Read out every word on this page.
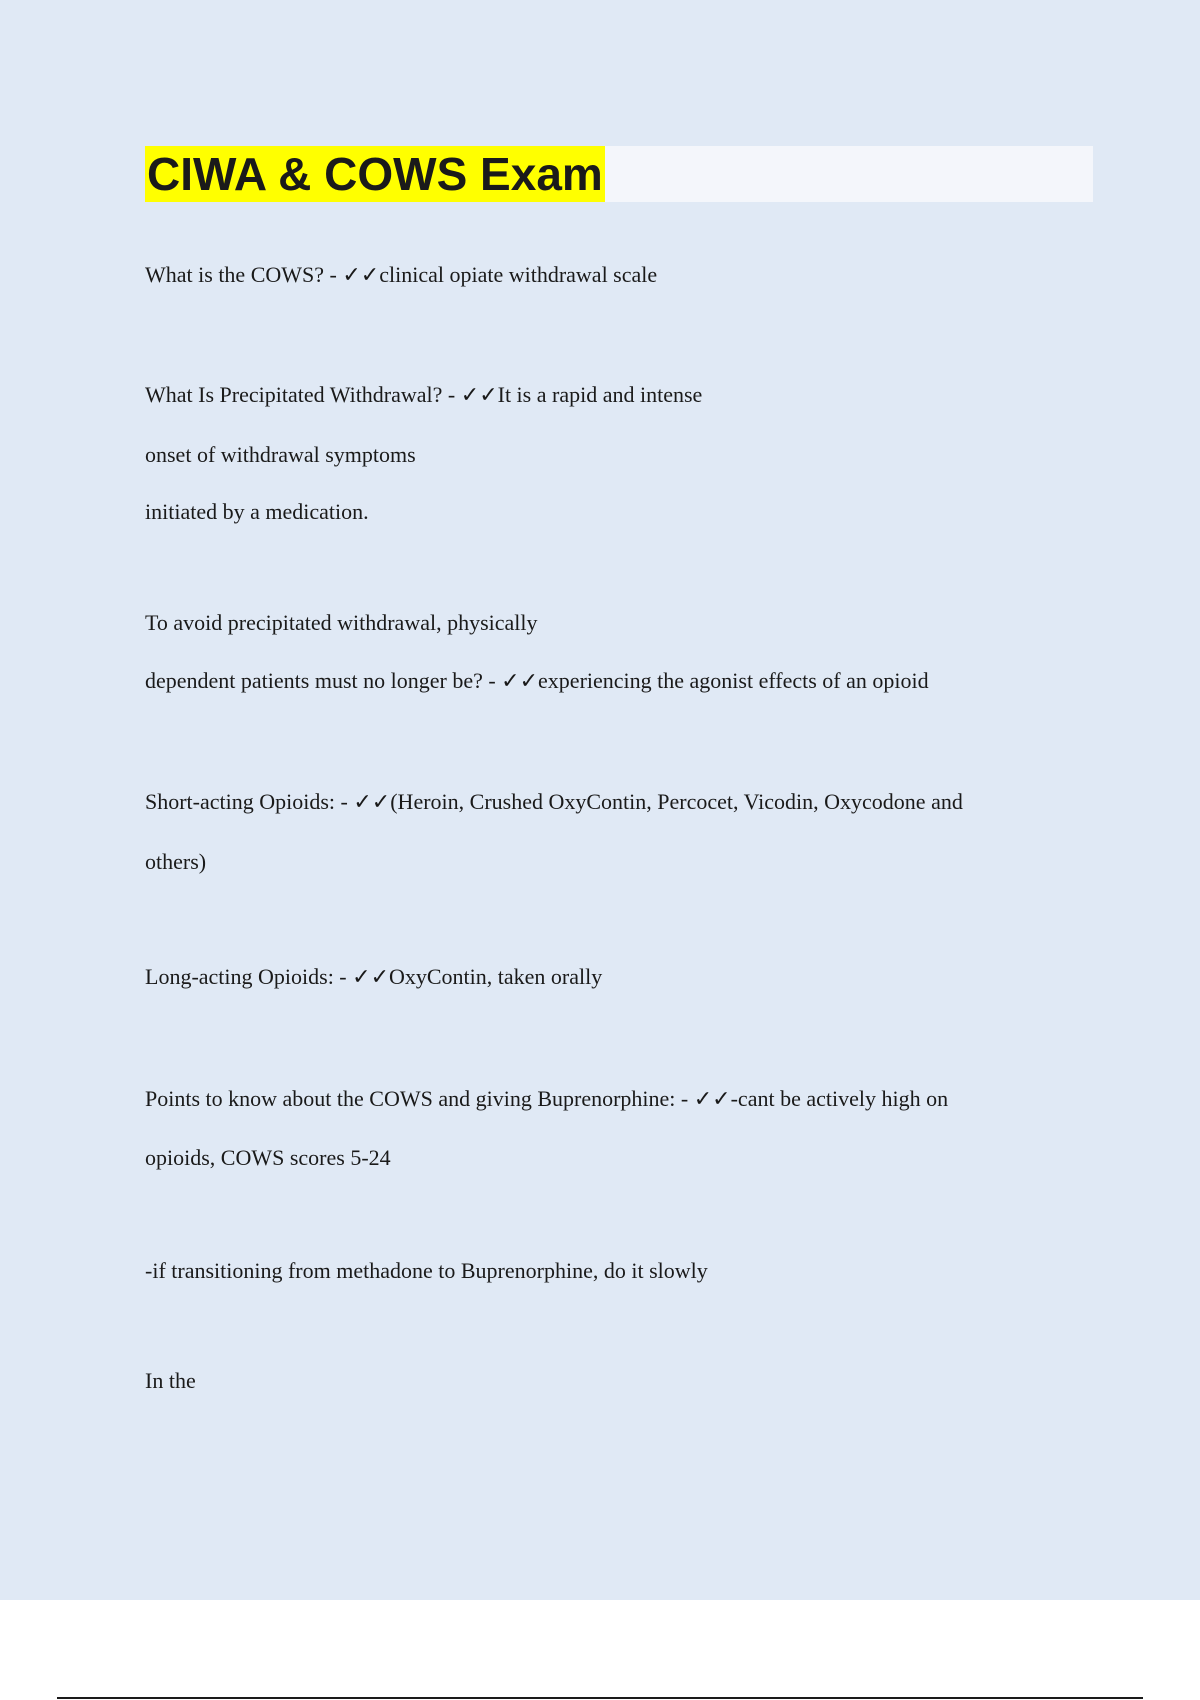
CIWA & COWS Exam
What is the COWS? - ✓✓clinical opiate withdrawal scale
What Is Precipitated Withdrawal? - ✓✓It is a rapid and intense
onset of withdrawal symptoms
initiated by a medication.
To avoid precipitated withdrawal, physically
dependent patients must no longer be? - ✓✓experiencing the agonist effects of an opioid
Short-acting Opioids: - ✓✓(Heroin, Crushed OxyContin, Percocet, Vicodin, Oxycodone and
others)
Long-acting Opioids: - ✓✓OxyContin, taken orally
Points to know about the COWS and giving Buprenorphine: - ✓✓-cant be actively high on
opioids, COWS scores 5-24
-if transitioning from methadone to Buprenorphine, do it slowly
In the
